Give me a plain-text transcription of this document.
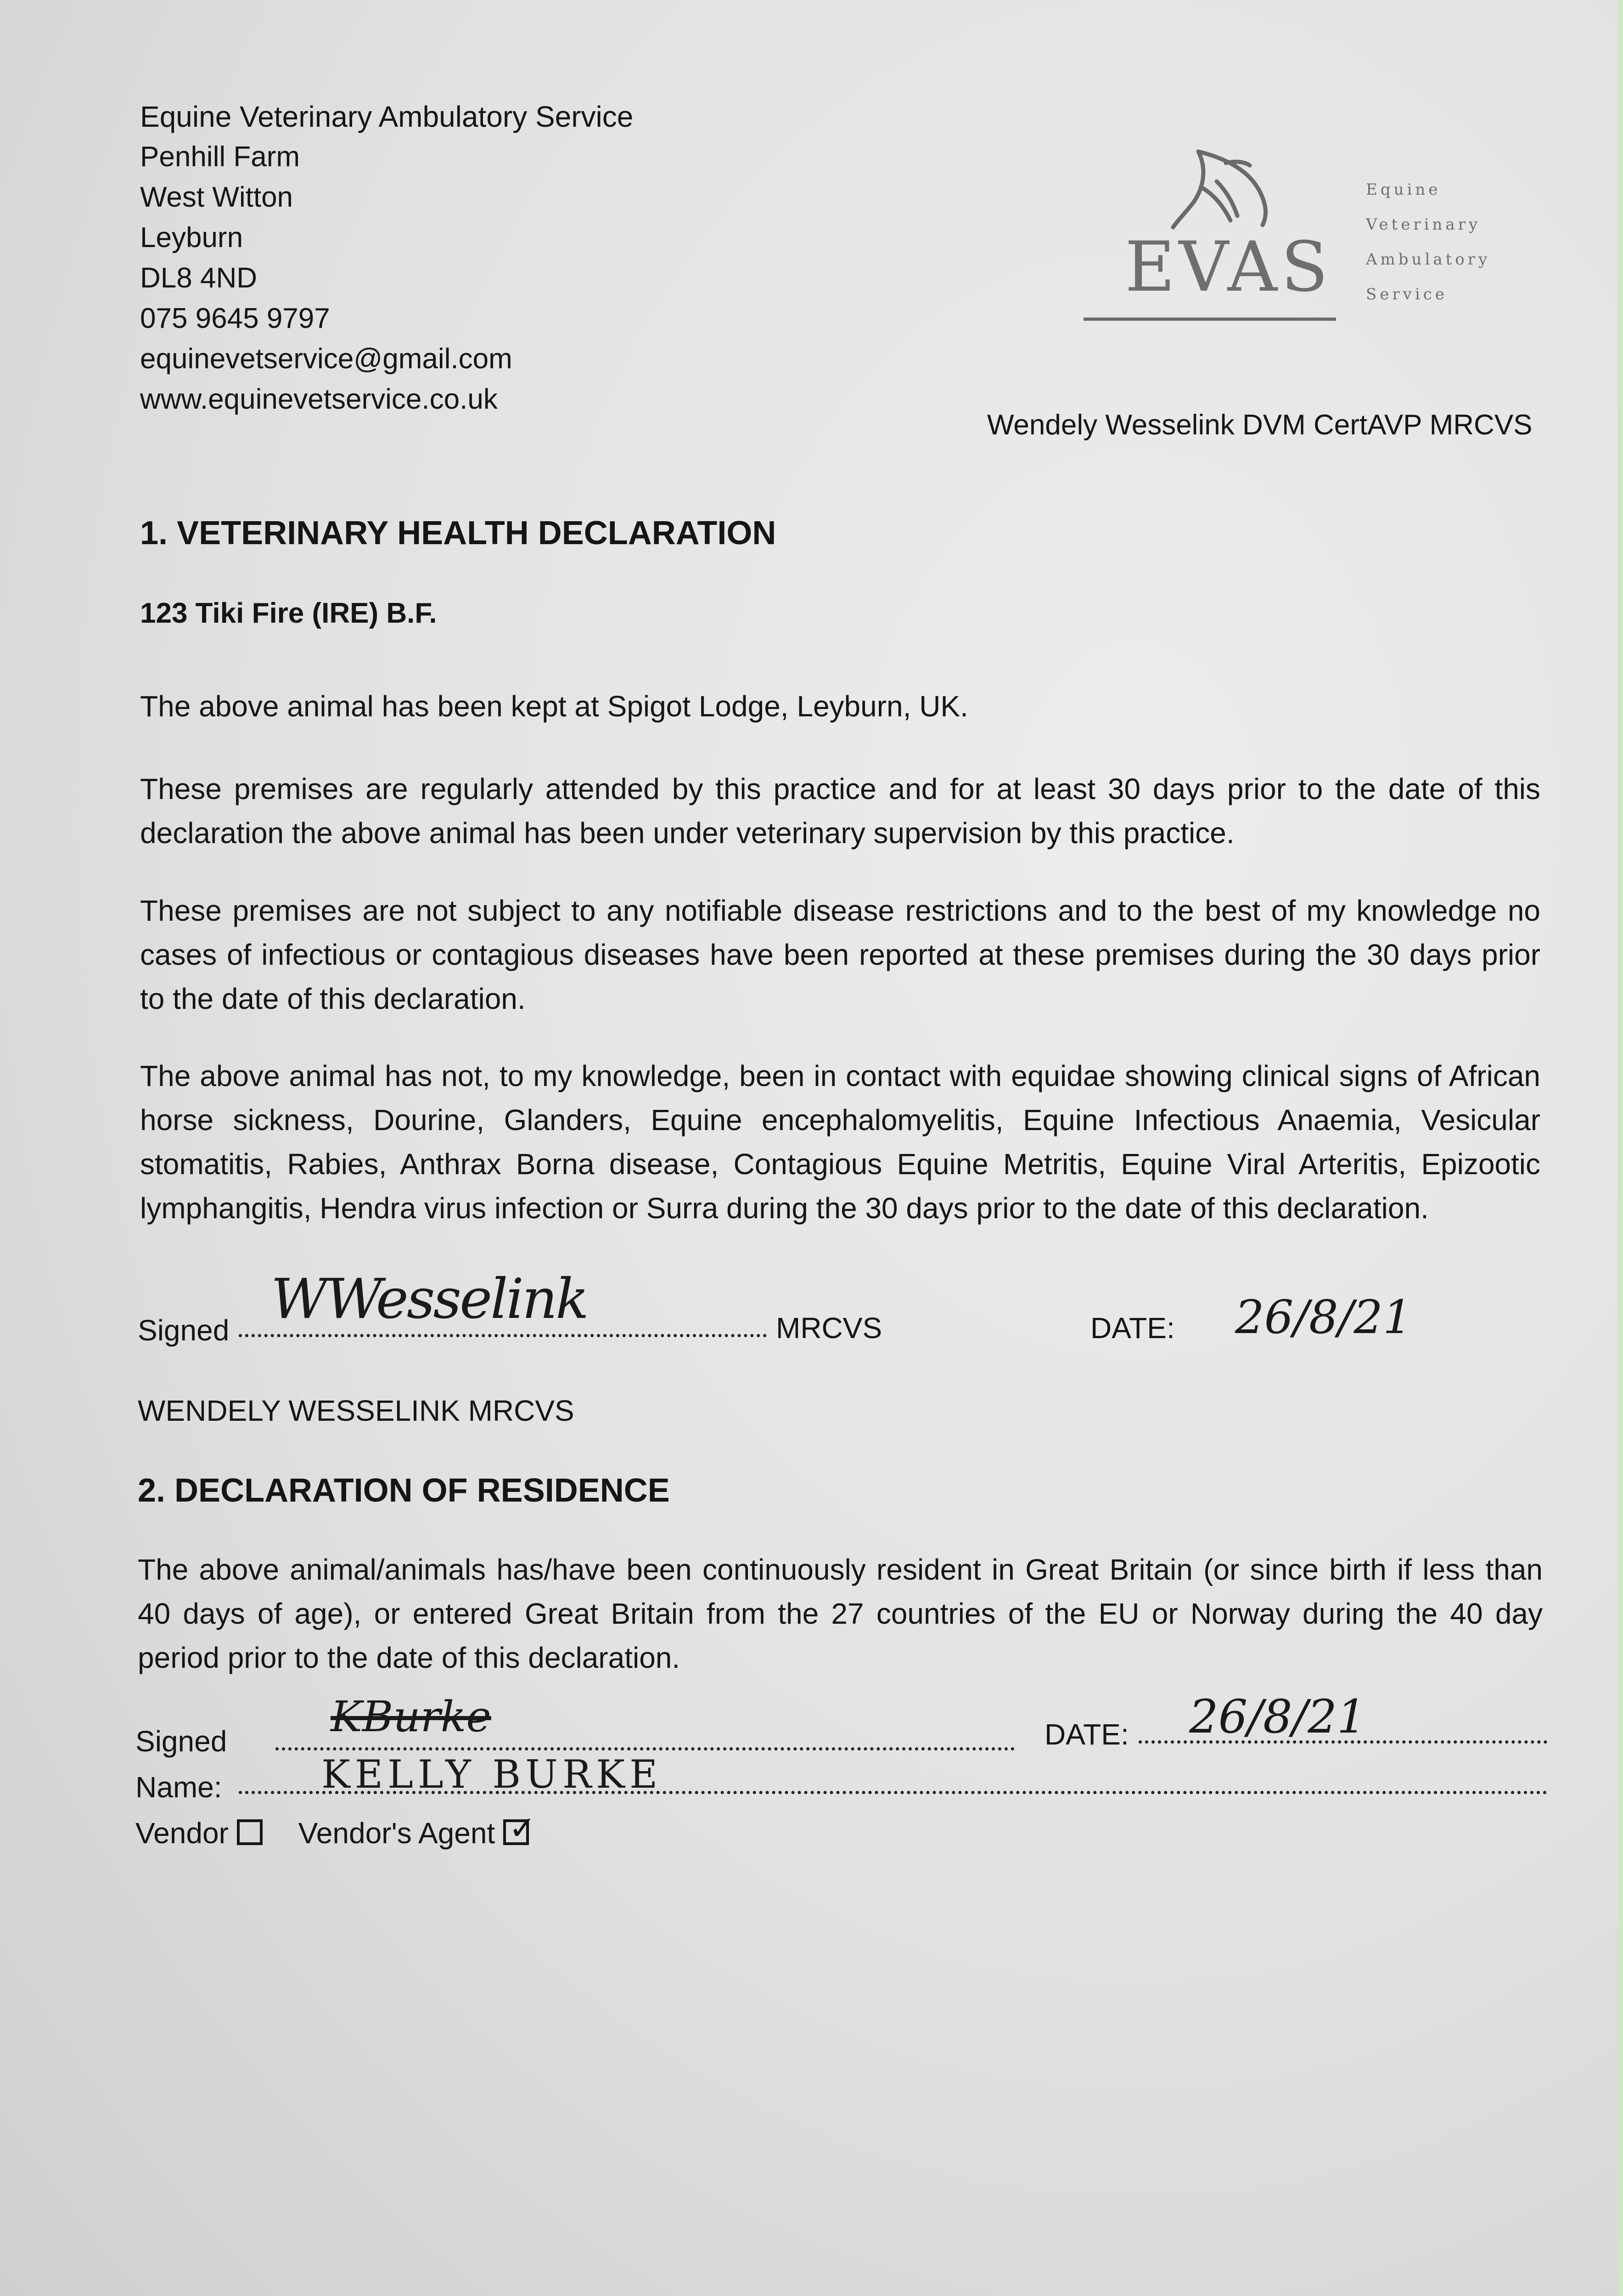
Equine Veterinary Ambulatory Service
Penhill Farm
West Witton
Leyburn
DL8 4ND
075 9645 9797
equinevetservice@gmail.com
www.equinevetservice.co.uk
EVAS
Equine
Veterinary
Ambulatory
Service
Wendely Wesselink DVM CertAVP MRCVS
1. VETERINARY HEALTH DECLARATION
123 Tiki Fire (IRE) B.F.
The above animal has been kept at Spigot Lodge, Leyburn, UK.
These premises are regularly attended by this practice and for at least 30 days prior to the date of this declaration the above animal has been under veterinary supervision by this practice.
These premises are not subject to any notifiable disease restrictions and to the best of my knowledge no cases of infectious or contagious diseases have been reported at these premises during the 30 days prior to the date of this declaration.
The above animal has not, to my knowledge, been in contact with equidae showing clinical signs of African horse sickness, Dourine, Glanders, Equine encephalomyelitis, Equine Infectious Anaemia, Vesicular stomatitis, Rabies, Anthrax Borna disease, Contagious Equine Metritis, Equine Viral Arteritis, Epizootic lymphangitis, Hendra virus infection or Surra during the 30 days prior to the date of this declaration.
Signed WWesselink	MRCVS	DATE: 26/8/21
WENDELY WESSELINK MRCVS
2. DECLARATION OF RESIDENCE
The above animal/animals has/have been continuously resident in Great Britain (or since birth if less than 40 days of age), or entered Great Britain from the 27 countries of the EU or Norway during the 40 day period prior to the date of this declaration.
Signed KBurke	DATE: 26/8/21
Name:	KELLY BURKE
Vendor Vendor's Agent ✓
